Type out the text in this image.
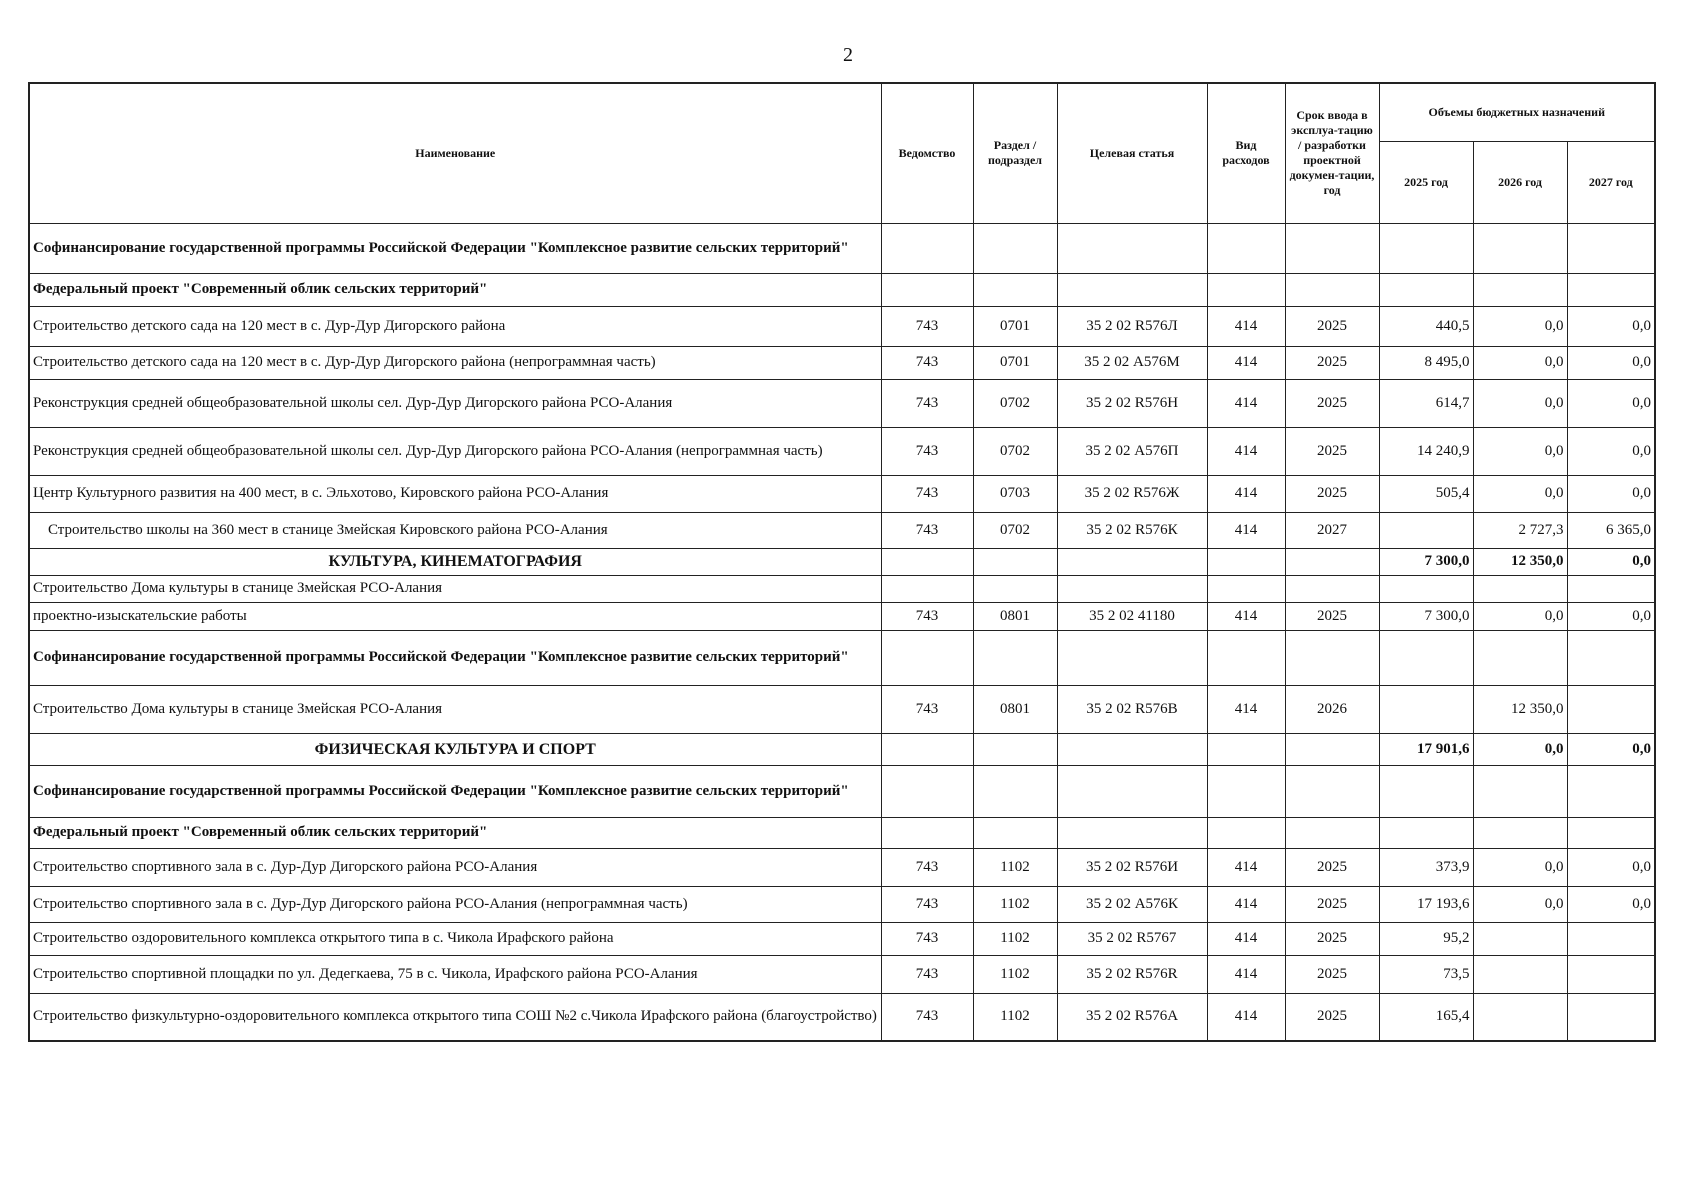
2
Наименование	Ведомство	Раздел / подраздел	Целевая статья	Вид расходов	Срок ввода в эксплуа-тацию / разработки проектной докумен-тации, год	Объемы бюджетных назначений		
						2025 год	2026 год	2027 год
Софинансирование государственной программы Российской Федерации "Комплексное развитие сельских территорий"								
Федеральный проект "Современный облик сельских территорий"								
Строительство детского сада на 120 мест в с. Дур-Дур Дигорского района	743	0701	35 2 02 R576Л	414	2025	440,5	0,0	0,0
Строительство детского сада на 120 мест в с. Дур-Дур Дигорского района (непрограммная часть)	743	0701	35 2 02 А576М	414	2025	8 495,0	0,0	0,0
Реконструкция средней общеобразовательной школы сел. Дур-Дур Дигорского района РСО-Алания	743	0702	35 2 02 R576Н	414	2025	614,7	0,0	0,0
Реконструкция средней общеобразовательной школы сел. Дур-Дур Дигорского района РСО-Алания (непрограммная часть)	743	0702	35 2 02 А576П	414	2025	14 240,9	0,0	0,0
Центр Культурного развития на 400 мест, в с. Эльхотово, Кировского района РСО-Алания	743	0703	35 2 02 R576Ж	414	2025	505,4	0,0	0,0
Строительство школы на 360 мест в станице Змейская Кировского района РСО-Алания	743	0702	35 2 02 R576К	414	2027		2 727,3	6 365,0
КУЛЬТУРА, КИНЕМАТОГРАФИЯ						7 300,0	12 350,0	0,0
Строительство Дома культуры в станице Змейская РСО-Алания								
проектно-изыскательские работы	743	0801	35 2 02 41180	414	2025	7 300,0	0,0	0,0
Софинансирование государственной программы Российской Федерации "Комплексное развитие сельских территорий"								
Строительство Дома культуры в станице Змейская РСО-Алания	743	0801	35 2 02 R576В	414	2026		12 350,0	
ФИЗИЧЕСКАЯ КУЛЬТУРА И СПОРТ						17 901,6	0,0	0,0
Софинансирование государственной программы Российской Федерации "Комплексное развитие сельских территорий"								
Федеральный проект "Современный облик сельских территорий"								
Строительство спортивного зала в с. Дур-Дур Дигорского района РСО-Алания	743	1102	35 2 02 R576И	414	2025	373,9	0,0	0,0
Строительство спортивного зала в с. Дур-Дур Дигорского района РСО-Алания (непрограммная часть)	743	1102	35 2 02 А576К	414	2025	17 193,6	0,0	0,0
Строительство оздоровительного комплекса открытого типа в с. Чикола Ирафского района	743	1102	35 2 02 R5767	414	2025	95,2		
Строительство спортивной площадки по ул. Дедегкаева, 75 в с. Чикола, Ирафского района РСО-Алания	743	1102	35 2 02 R576R	414	2025	73,5		
Строительство физкультурно-оздоровительного комплекса открытого типа СОШ №2 с.Чикола Ирафского района (благоустройство)	743	1102	35 2 02 R576А	414	2025	165,4		
